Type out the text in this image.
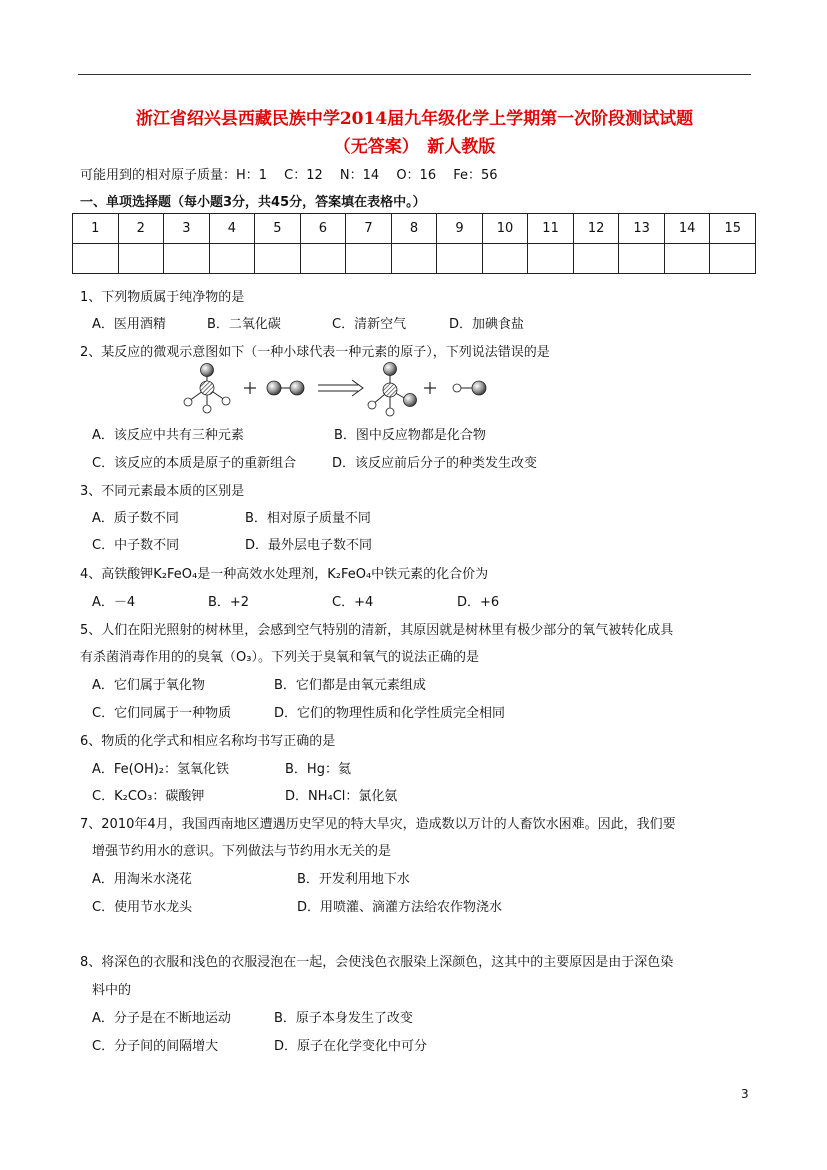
浙江省绍兴县西藏民族中学2014届九年级化学上学期第一次阶段测试试题
（无答案）　新人教版
可能用到的相对原子质量：H：1　 C：12　 N：14　 O：16　 Fe：56
一、单项选择题（每小题3分，共45分，答案填在表格中。）
1	2	3	4	5	6	7	8	9	10	11	12	13	14	15

1、下列物质属于纯净物的是
A．医用酒精	B．二氧化碳	C．清新空气	D．加碘食盐
2、某反应的微观示意图如下（一种小球代表一种元素的原子），下列说法错误的是
A．该反应中共有三种元素	B．图中反应物都是化合物
C．该反应的本质是原子的重新组合	D．该反应前后分子的种类发生改变
3、不同元素最本质的区别是
A．质子数不同	B．相对原子质量不同
C．中子数不同	D．最外层电子数不同
4、高铁酸钾K₂FeO₄是一种高效水处理剂，K₂FeO₄中铁元素的化合价为
A．－4	B．+2	C．+4	D．+6
5、人们在阳光照射的树林里，会感到空气特别的清新，其原因就是树林里有极少部分的氧气被转化成具
有杀菌消毒作用的的臭氧（O₃）。下列关于臭氧和氧气的说法正确的是
A．它们属于氧化物	B．它们都是由氧元素组成
C．它们同属于一种物质	D．它们的物理性质和化学性质完全相同
6、物质的化学式和相应名称均书写正确的是
A．Fe(OH)₂：氢氧化铁	B．Hg：氦
C．K₂CO₃：碳酸钾	D．NH₄Cl：氯化氨
7、2010年4月，我国西南地区遭遇历史罕见的特大旱灾，造成数以万计的人畜饮水困难。因此，我们要
增强节约用水的意识。下列做法与节约用水无关的是
A．用淘米水浇花	B．开发利用地下水
C．使用节水龙头	D．用喷灌、滴灌方法给农作物浇水
8、将深色的衣服和浅色的衣服浸泡在一起，会使浅色衣服染上深颜色，这其中的主要原因是由于深色染
料中的
A．分子是在不断地运动	B．原子本身发生了改变
C．分子间的间隔增大	D．原子在化学变化中可分
3
